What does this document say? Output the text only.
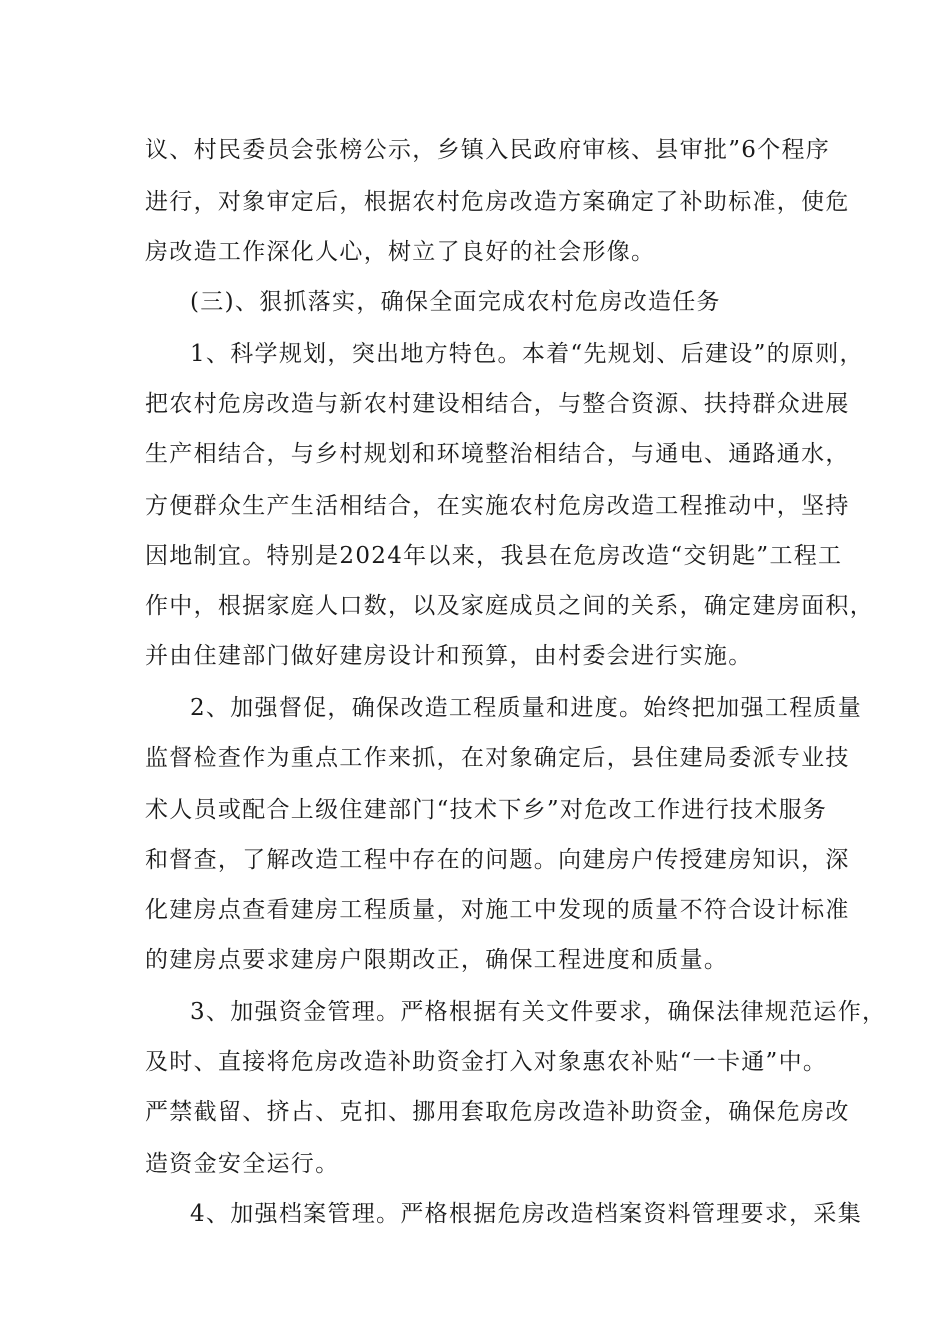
议、村民委员会张榜公示，乡镇入民政府审核、县审批”6个程序

进行，对象审定后，根据农村危房改造方案确定了补助标准，使危

房改造工作深化人心，树立了良好的社会形像。

(三)、狠抓落实，确保全面完成农村危房改造任务

1、科学规划，突出地方特色。本着“先规划、后建设”的原则，

把农村危房改造与新农村建设相结合，与整合资源、扶持群众进展

生产相结合，与乡村规划和环境整治相结合，与通电、通路通水，

方便群众生产生活相结合，在实施农村危房改造工程推动中，坚持

因地制宜。特别是2024年以来，我县在危房改造“交钥匙”工程工

作中，根据家庭人口数，以及家庭成员之间的关系，确定建房面积，

并由住建部门做好建房设计和预算，由村委会进行实施。

2、加强督促，确保改造工程质量和进度。始终把加强工程质量

监督检查作为重点工作来抓，在对象确定后，县住建局委派专业技

术人员或配合上级住建部门“技术下乡”对危改工作进行技术服务

和督查，了解改造工程中存在的问题。向建房户传授建房知识，深

化建房点查看建房工程质量，对施工中发现的质量不符合设计标准

的建房点要求建房户限期改正，确保工程进度和质量。

3、加强资金管理。严格根据有关文件要求，确保法律规范运作，

及时、直接将危房改造补助资金打入对象惠农补贴“一卡通”中。

严禁截留、挤占、克扣、挪用套取危房改造补助资金，确保危房改

造资金安全运行。

4、加强档案管理。严格根据危房改造档案资料管理要求，采集
